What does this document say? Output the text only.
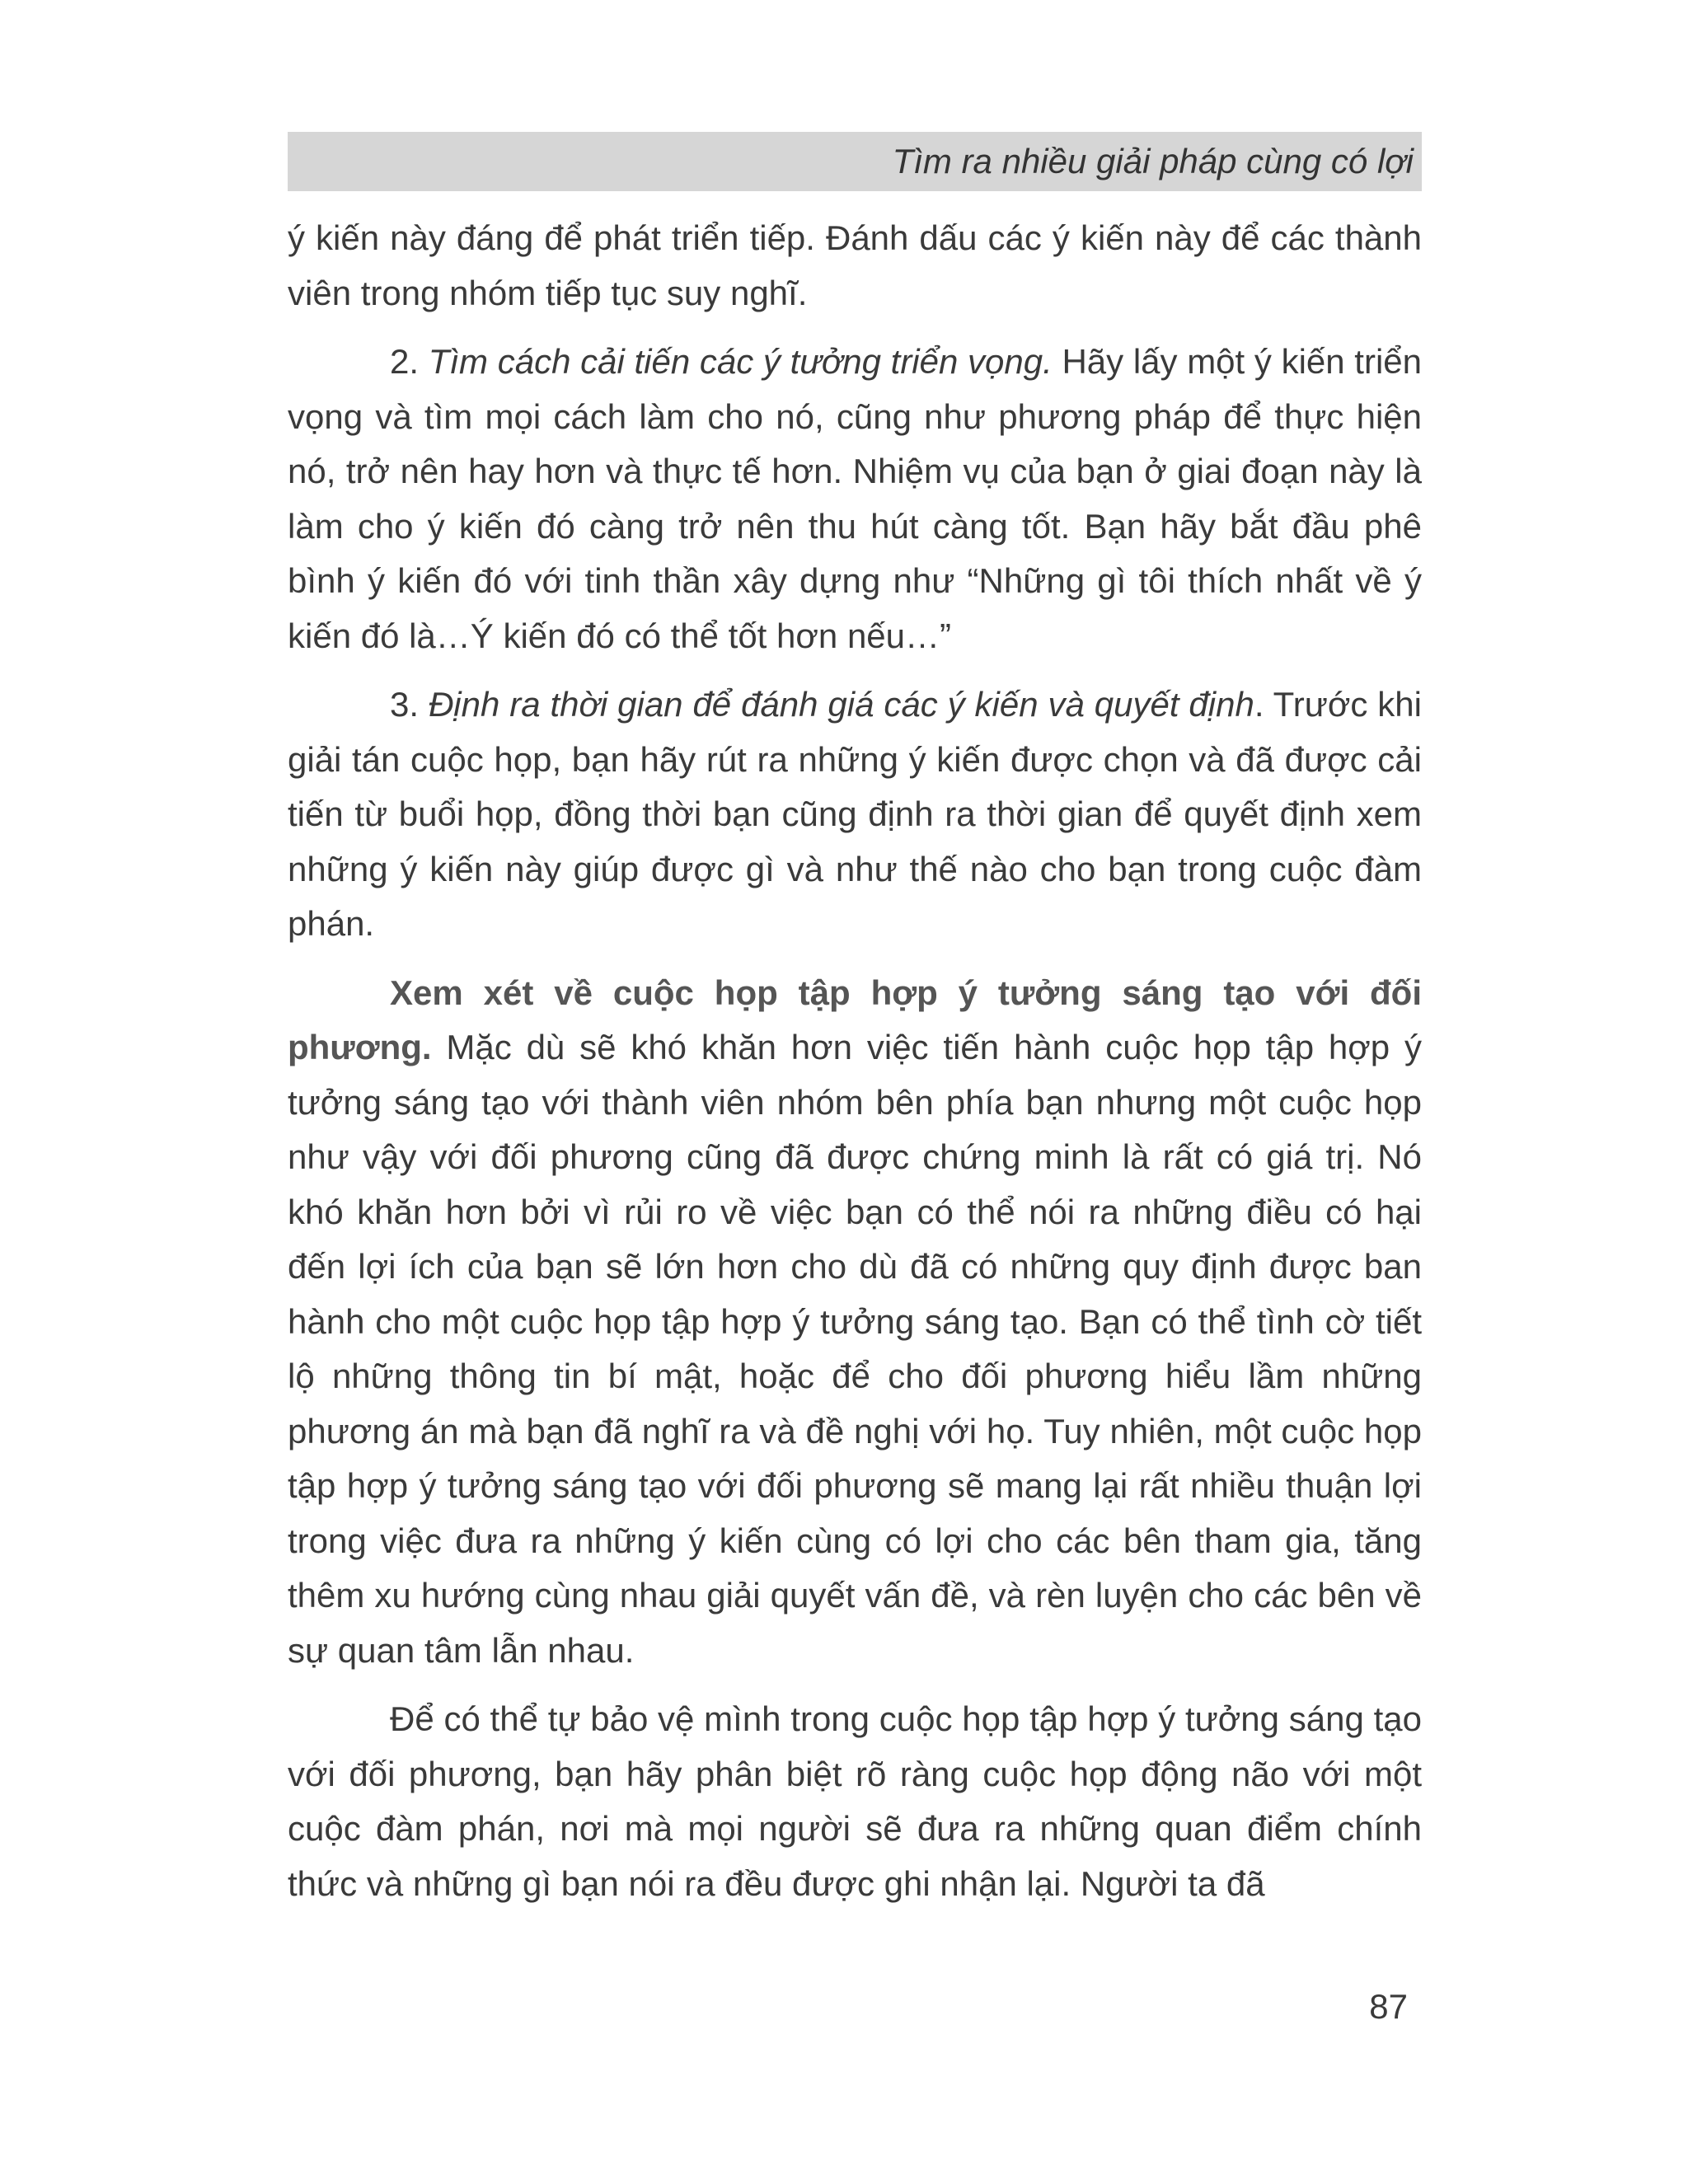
Tìm ra nhiều giải pháp cùng có lợi

ý kiến này đáng để phát triển tiếp. Đánh dấu các ý kiến này để các thành viên trong nhóm tiếp tục suy nghĩ.

2. Tìm cách cải tiến các ý tưởng triển vọng. Hãy lấy một ý kiến triển vọng và tìm mọi cách làm cho nó, cũng như phương pháp để thực hiện nó, trở nên hay hơn và thực tế hơn. Nhiệm vụ của bạn ở giai đoạn này là làm cho ý kiến đó càng trở nên thu hút càng tốt. Bạn hãy bắt đầu phê bình ý kiến đó với tinh thần xây dựng như “Những gì tôi thích nhất về ý kiến đó là…Ý kiến đó có thể tốt hơn nếu…”

3. Định ra thời gian để đánh giá các ý kiến và quyết định. Trước khi giải tán cuộc họp, bạn hãy rút ra những ý kiến được chọn và đã được cải tiến từ buổi họp, đồng thời bạn cũng định ra thời gian để quyết định xem những ý kiến này giúp được gì và như thế nào cho bạn trong cuộc đàm phán.

Xem xét về cuộc họp tập hợp ý tưởng sáng tạo với đối phương. Mặc dù sẽ khó khăn hơn việc tiến hành cuộc họp tập hợp ý tưởng sáng tạo với thành viên nhóm bên phía bạn nhưng một cuộc họp như vậy với đối phương cũng đã được chứng minh là rất có giá trị. Nó khó khăn hơn bởi vì rủi ro về việc bạn có thể nói ra những điều có hại đến lợi ích của bạn sẽ lớn hơn cho dù đã có những quy định được ban hành cho một cuộc họp tập hợp ý tưởng sáng tạo. Bạn có thể tình cờ tiết lộ những thông tin bí mật, hoặc để cho đối phương hiểu lầm những phương án mà bạn đã nghĩ ra và đề nghị với họ. Tuy nhiên, một cuộc họp tập hợp ý tưởng sáng tạo với đối phương sẽ mang lại rất nhiều thuận lợi trong việc đưa ra những ý kiến cùng có lợi cho các bên tham gia, tăng thêm xu hướng cùng nhau giải quyết vấn đề, và rèn luyện cho các bên về sự quan tâm lẫn nhau.

Để có thể tự bảo vệ mình trong cuộc họp tập hợp ý tưởng sáng tạo với đối phương, bạn hãy phân biệt rõ ràng cuộc họp động não với một cuộc đàm phán, nơi mà mọi người sẽ đưa ra những quan điểm chính thức và những gì bạn nói ra đều được ghi nhận lại. Người ta đã

87
